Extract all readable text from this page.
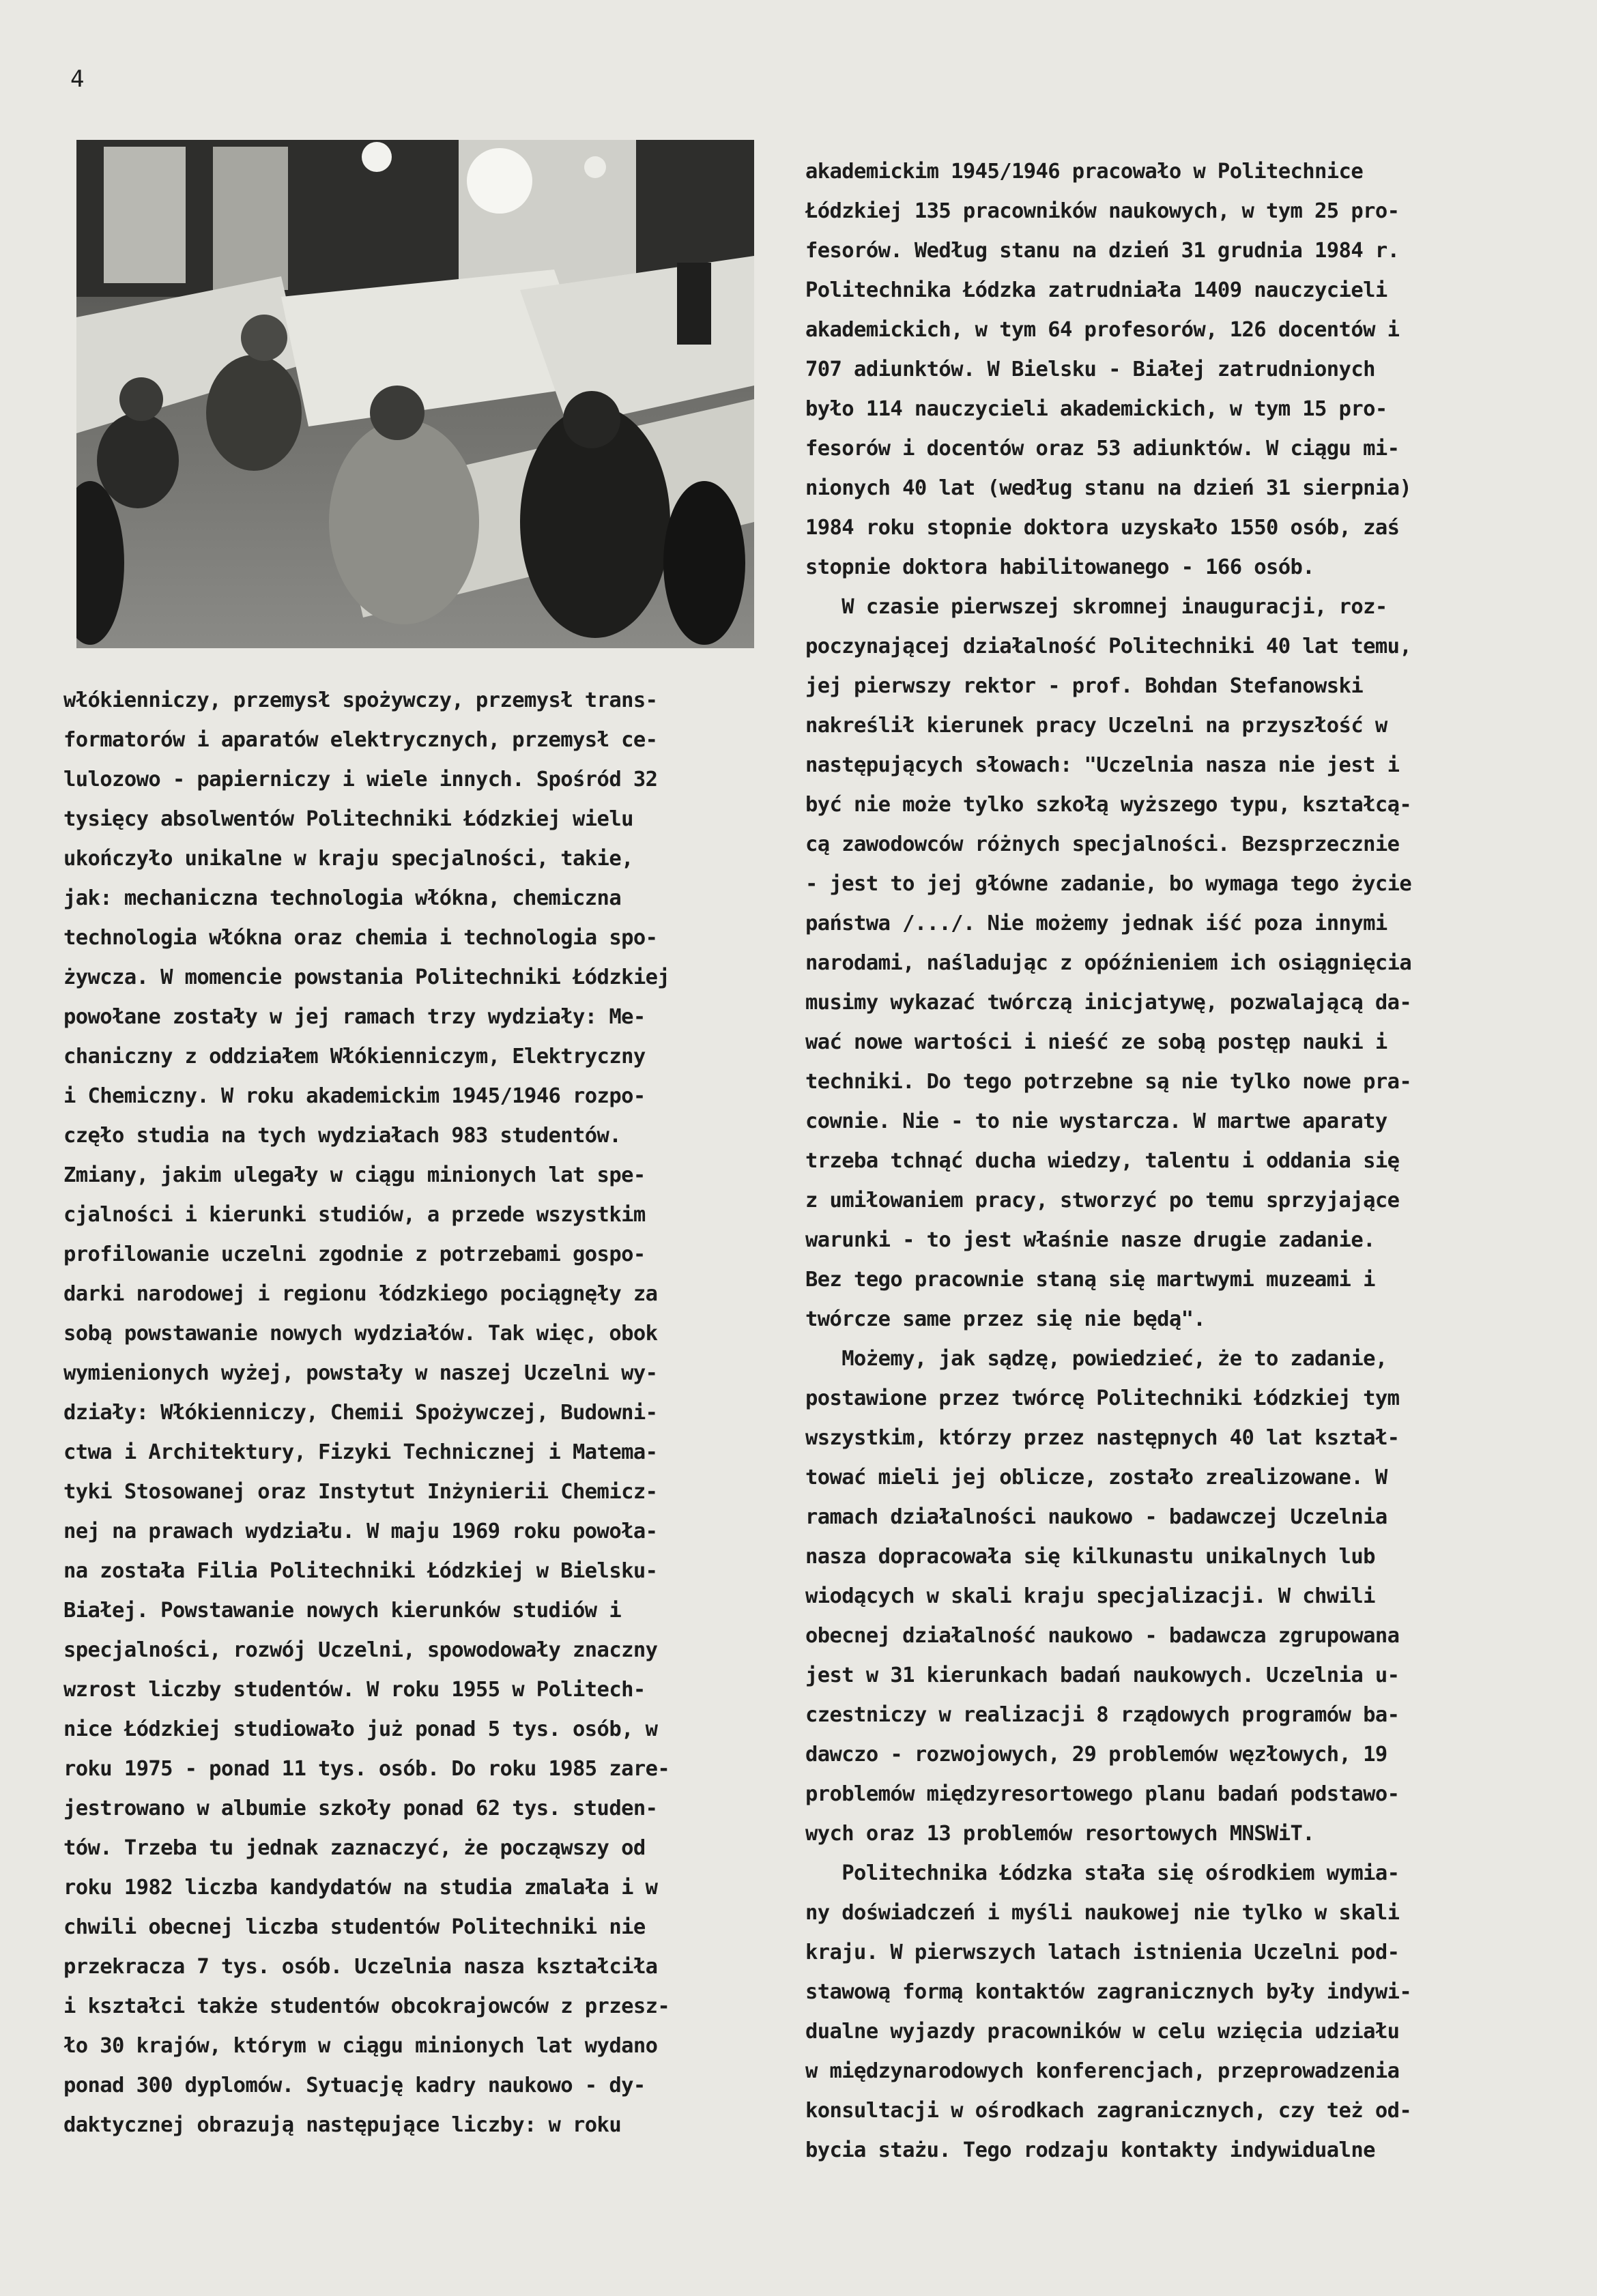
4
włókienniczy, przemysł spożywczy, przemysł trans-
formatorów i aparatów elektrycznych, przemysł ce-
lulozowo - papierniczy i wiele innych. Spośród 32
tysięcy absolwentów Politechniki Łódzkiej wielu
ukończyło unikalne w kraju specjalności, takie,
jak: mechaniczna technologia włókna, chemiczna
technologia włókna oraz chemia i technologia spo-
żywcza. W momencie powstania Politechniki Łódzkiej
powołane zostały w jej ramach trzy wydziały: Me-
chaniczny z oddziałem Włókienniczym, Elektryczny
i Chemiczny. W roku akademickim 1945/1946 rozpo-
częło studia na tych wydziałach 983 studentów.
Zmiany, jakim ulegały w ciągu minionych lat spe-
cjalności i kierunki studiów, a przede wszystkim
profilowanie uczelni zgodnie z potrzebami gospo-
darki narodowej i regionu łódzkiego pociągnęły za
sobą powstawanie nowych wydziałów. Tak więc, obok
wymienionych wyżej, powstały w naszej Uczelni wy-
działy: Włókienniczy, Chemii Spożywczej, Budowni-
ctwa i Architektury, Fizyki Technicznej i Matema-
tyki Stosowanej oraz Instytut Inżynierii Chemicz-
nej na prawach wydziału. W maju 1969 roku powoła-
na została Filia Politechniki Łódzkiej w Bielsku-
Białej. Powstawanie nowych kierunków studiów i
specjalności, rozwój Uczelni, spowodowały znaczny
wzrost liczby studentów. W roku 1955 w Politech-
nice Łódzkiej studiowało już ponad 5 tys. osób, w
roku 1975 - ponad 11 tys. osób. Do roku 1985 zare-
jestrowano w albumie szkoły ponad 62 tys. studen-
tów. Trzeba tu jednak zaznaczyć, że począwszy od
roku 1982 liczba kandydatów na studia zmalała i w
chwili obecnej liczba studentów Politechniki nie
przekracza 7 tys. osób. Uczelnia nasza kształciła
i kształci także studentów obcokrajowców z przesz-
ło 30 krajów, którym w ciągu minionych lat wydano
ponad 300 dyplomów. Sytuację kadry naukowo - dy-
daktycznej obrazują następujące liczby: w roku
akademickim 1945/1946 pracowało w Politechnice
Łódzkiej 135 pracowników naukowych, w tym 25 pro-
fesorów. Według stanu na dzień 31 grudnia 1984 r.
Politechnika Łódzka zatrudniała 1409 nauczycieli
akademickich, w tym 64 profesorów, 126 docentów i
707 adiunktów. W Bielsku - Białej zatrudnionych
było 114 nauczycieli akademickich, w tym 15 pro-
fesorów i docentów oraz 53 adiunktów. W ciągu mi-
nionych 40 lat (według stanu na dzień 31 sierpnia)
1984 roku stopnie doktora uzyskało 1550 osób, zaś
stopnie doktora habilitowanego - 166 osób.
W czasie pierwszej skromnej inauguracji, roz-
poczynającej działalność Politechniki 40 lat temu,
jej pierwszy rektor - prof. Bohdan Stefanowski
nakreślił kierunek pracy Uczelni na przyszłość w
następujących słowach: "Uczelnia nasza nie jest i
być nie może tylko szkołą wyższego typu, kształcą-
cą zawodowców różnych specjalności. Bezsprzecznie
- jest to jej główne zadanie, bo wymaga tego życie
państwa /.../. Nie możemy jednak iść poza innymi
narodami, naśladując z opóźnieniem ich osiągnięcia
musimy wykazać twórczą inicjatywę, pozwalającą da-
wać nowe wartości i nieść ze sobą postęp nauki i
techniki. Do tego potrzebne są nie tylko nowe pra-
cownie. Nie - to nie wystarcza. W martwe aparaty
trzeba tchnąć ducha wiedzy, talentu i oddania się
z umiłowaniem pracy, stworzyć po temu sprzyjające
warunki - to jest właśnie nasze drugie zadanie.
Bez tego pracownie staną się martwymi muzeami i
twórcze same przez się nie będą".
Możemy, jak sądzę, powiedzieć, że to zadanie,
postawione przez twórcę Politechniki Łódzkiej tym
wszystkim, którzy przez następnych 40 lat kształ-
tować mieli jej oblicze, zostało zrealizowane. W
ramach działalności naukowo - badawczej Uczelnia
nasza dopracowała się kilkunastu unikalnych lub
wiodących w skali kraju specjalizacji. W chwili
obecnej działalność naukowo - badawcza zgrupowana
jest w 31 kierunkach badań naukowych. Uczelnia u-
czestniczy w realizacji 8 rządowych programów ba-
dawczo - rozwojowych, 29 problemów węzłowych, 19
problemów międzyresortowego planu badań podstawo-
wych oraz 13 problemów resortowych MNSWiT.
Politechnika Łódzka stała się ośrodkiem wymia-
ny doświadczeń i myśli naukowej nie tylko w skali
kraju. W pierwszych latach istnienia Uczelni pod-
stawową formą kontaktów zagranicznych były indywi-
dualne wyjazdy pracowników w celu wzięcia udziału
w międzynarodowych konferencjach, przeprowadzenia
konsultacji w ośrodkach zagranicznych, czy też od-
bycia stażu. Tego rodzaju kontakty indywidualne
